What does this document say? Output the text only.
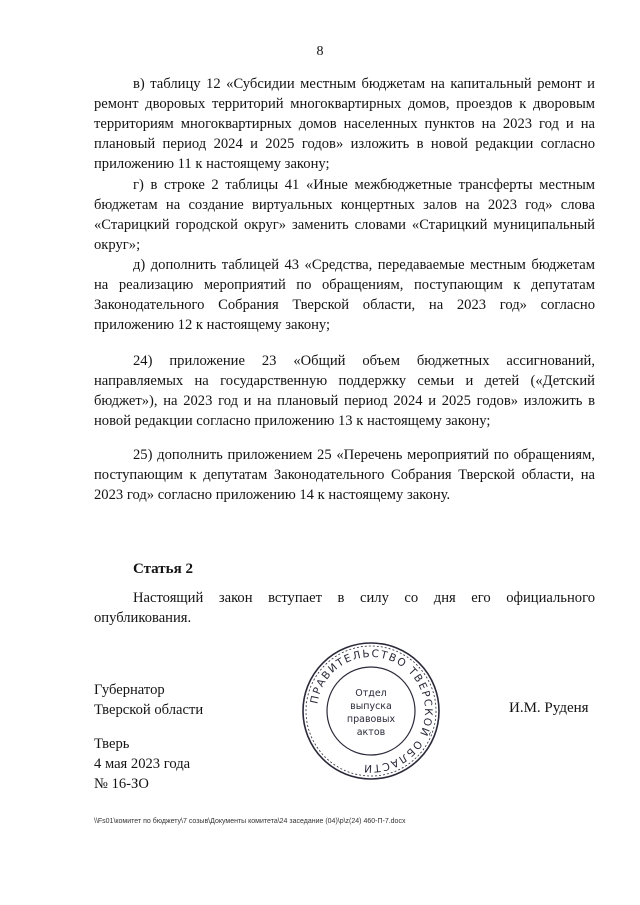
8

в) таблицу 12 «Субсидии местным бюджетам на капитальный ремонт и ремонт дворовых территорий многоквартирных домов, проездов к дворовым территориям многоквартирных домов населенных пунктов на 2023 год и на плановый период 2024 и 2025 годов» изложить в новой редакции согласно приложению 11 к настоящему закону;

г) в строке 2 таблицы 41 «Иные межбюджетные трансферты местным бюджетам на создание виртуальных концертных залов на 2023 год» слова «Старицкий городской округ» заменить словами «Старицкий муниципальный округ»;

д) дополнить таблицей 43 «Средства, передаваемые местным бюджетам на реализацию мероприятий по обращениям, поступающим к депутатам Законодательного Собрания Тверской области, на 2023 год» согласно приложению 12 к настоящему закону;

24) приложение 23 «Общий объем бюджетных ассигнований, направляемых на государственную поддержку семьи и детей («Детский бюджет»), на 2023 год и на плановый период 2024 и 2025 годов» изложить в новой редакции согласно приложению 13 к настоящему закону;

25) дополнить приложением 25 «Перечень мероприятий по обращениям, поступающим к депутатам Законодательного Собрания Тверской области, на 2023 год» согласно приложению 14 к настоящему закону.

Статья 2

Настоящий закон вступает в силу со дня его официального опубликования.

Губернатор
Тверской области
ПРАВИТЕЛЬСТВО ТВЕРСКОЙ ОБЛАСТИ
Отдел
выпуска
правовых
актов
И.М. Руденя
Тверь
4 мая 2023 года
№ 16-ЗО
\\Fs01\комитет по бюджету\7 созыв\Документы комитета\24 заседание (04)\p\z(24) 460-П-7.docx
